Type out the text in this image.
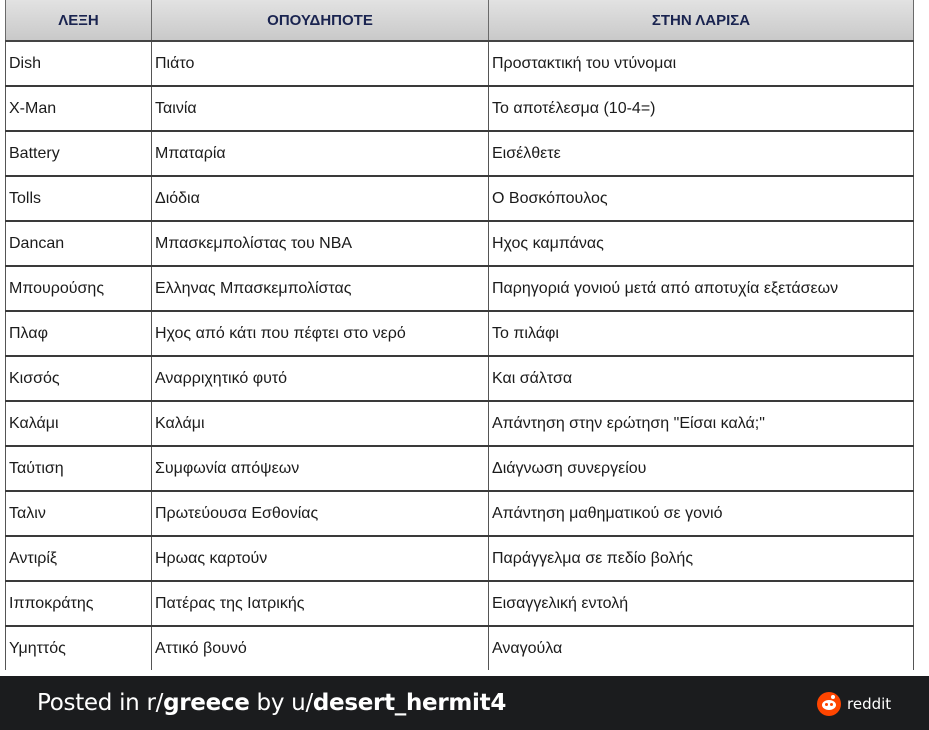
ΛΕΞΗ	ΟΠΟΥΔΗΠΟΤΕ	ΣΤΗΝ ΛΑΡΙΣΑ
Dish	Πιάτο	Προστακτική του ντύνομαι
X-Man	Ταινία	Το αποτέλεσμα (10-4=)
Battery	Μπαταρία	Εισέλθετε
Tolls	Διόδια	Ο Βοσκόπουλος
Dancan	Μπασκεμπολίστας του NBA	Ηχος καμπάνας
Μπουρούσης	Ελληνας Μπασκεμπολίστας	Παρηγοριά γονιού μετά από αποτυχία εξετάσεων
Πλαφ	Ηχος από κάτι που πέφτει στο νερό	Το πιλάφι
Κισσός	Αναρριχητικό φυτό	Και σάλτσα
Καλάμι	Καλάμι	Απάντηση στην ερώτηση "Είσαι καλά;"
Ταύτιση	Συμφωνία απόψεων	Διάγνωση συνεργείου
Ταλιν	Πρωτεύουσα Εσθονίας	Απάντηση μαθηματικού σε γονιό
Αντιρίξ	Ηρωας καρτούν	Παράγγελμα σε πεδίο βολής
Ιπποκράτης	Πατέρας της Ιατρικής	Εισαγγελική εντολή
Υμηττός	Αττικό βουνό	Αναγούλα
Posted in r/greece by u/desert_hermit4	reddit
